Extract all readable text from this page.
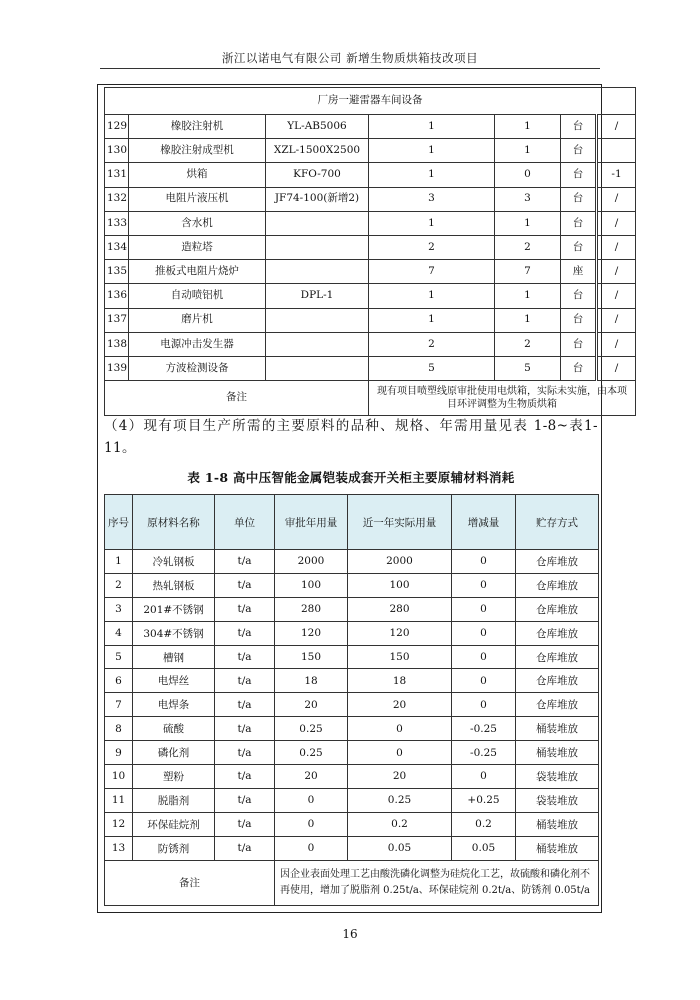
浙江以诺电气有限公司 新增生物质烘箱技改项目
厂房一避雷器车间设备						
129	橡胶注射机	YL-AB5006	1	1	台	/
130	橡胶注射成型机	XZL-1500X2500	1	1	台	
131	烘箱	KFO-700	1	0	台	-1
132	电阻片液压机	JF74-100(新增2)	3	3	台	/
133	含水机		1	1	台	/
134	造粒塔		2	2	台	/
135	推板式电阻片烧炉		7	7	座	/
136	自动喷铝机	DPL-1	1	1	台	/
137	磨片机		1	1	台	/
138	电源冲击发生器		2	2	台	/
139	方波检测设备		5	5	台	/
备注			现有项目喷塑线原审批使用电烘箱，实际未实施，由本项目环评调整为生物质烘箱			
（4）现有项目生产所需的主要原料的品种、规格、年需用量见表 1-8~表1-11。
表 1-8 高中压智能金属铠装成套开关柜主要原辅材料消耗
序号	原材料名称	单位	审批年用量	近一年实际用量	增减量	贮存方式
1	冷轧钢板	t/a	2000	2000	0	仓库堆放
2	热轧钢板	t/a	100	100	0	仓库堆放
3	201#不锈钢	t/a	280	280	0	仓库堆放
4	304#不锈钢	t/a	120	120	0	仓库堆放
5	槽钢	t/a	150	150	0	仓库堆放
6	电焊丝	t/a	18	18	0	仓库堆放
7	电焊条	t/a	20	20	0	仓库堆放
8	硫酸	t/a	0.25	0	-0.25	桶装堆放
9	磷化剂	t/a	0.25	0	-0.25	桶装堆放
10	塑粉	t/a	20	20	0	袋装堆放
11	脱脂剂	t/a	0	0.25	+0.25	袋装堆放
12	环保硅烷剂	t/a	0	0.2	0.2	桶装堆放
13	防锈剂	t/a	0	0.05	0.05	桶装堆放
备注			因企业表面处理工艺由酸洗磷化调整为硅烷化工艺，故硫酸和磷化剂不再使用，增加了脱脂剂 0.25t/a、环保硅烷剂 0.2t/a、防锈剂 0.05t/a			
16
